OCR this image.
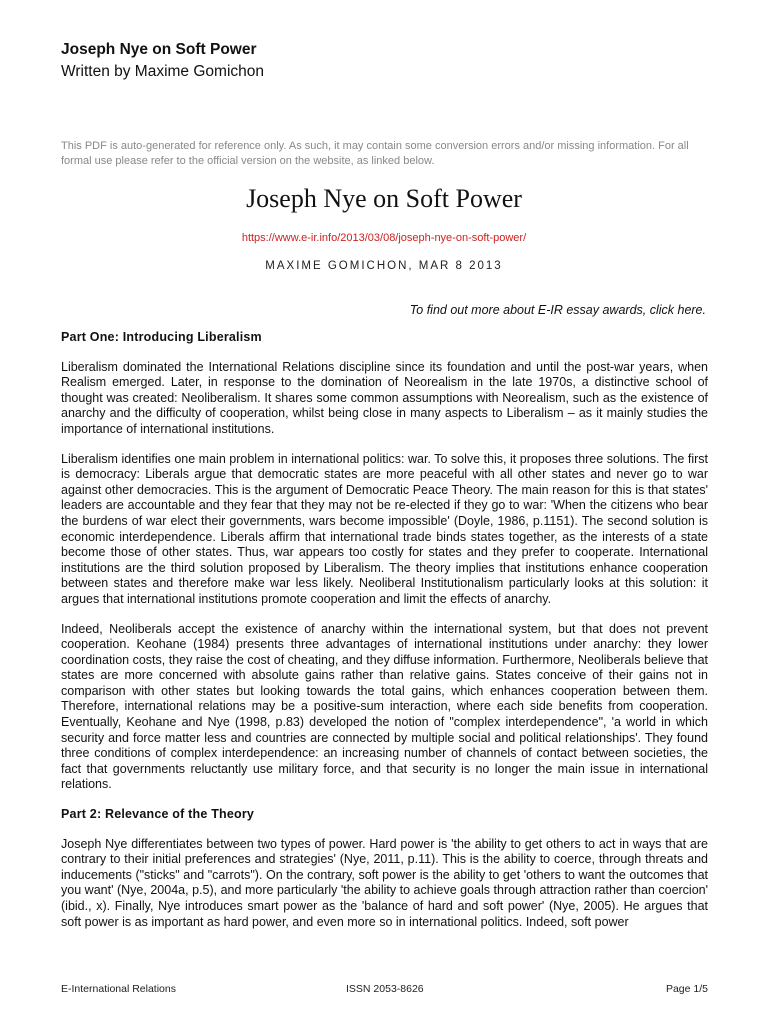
Joseph Nye on Soft Power
Written by Maxime Gomichon
This PDF is auto-generated for reference only. As such, it may contain some conversion errors and/or missing information. For all formal use please refer to the official version on the website, as linked below.
Joseph Nye on Soft Power
https://www.e-ir.info/2013/03/08/joseph-nye-on-soft-power/
MAXIME GOMICHON, MAR 8 2013
To find out more about E-IR essay awards, click here.
Part One: Introducing Liberalism

Liberalism dominated the International Relations discipline since its foundation and until the post-war years, when Realism emerged. Later, in response to the domination of Neorealism in the late 1970s, a distinctive school of thought was created: Neoliberalism. It shares some common assumptions with Neorealism, such as the existence of anarchy and the difficulty of cooperation, whilst being close in many aspects to Liberalism – as it mainly studies the importance of international institutions.

Liberalism identifies one main problem in international politics: war. To solve this, it proposes three solutions. The first is democracy: Liberals argue that democratic states are more peaceful with all other states and never go to war against other democracies. This is the argument of Democratic Peace Theory. The main reason for this is that states' leaders are accountable and they fear that they may not be re-elected if they go to war: 'When the citizens who bear the burdens of war elect their governments, wars become impossible' (Doyle, 1986, p.1151). The second solution is economic interdependence. Liberals affirm that international trade binds states together, as the interests of a state become those of other states. Thus, war appears too costly for states and they prefer to cooperate. International institutions are the third solution proposed by Liberalism. The theory implies that institutions enhance cooperation between states and therefore make war less likely. Neoliberal Institutionalism particularly looks at this solution: it argues that international institutions promote cooperation and limit the effects of anarchy.

Indeed, Neoliberals accept the existence of anarchy within the international system, but that does not prevent cooperation. Keohane (1984) presents three advantages of international institutions under anarchy: they lower coordination costs, they raise the cost of cheating, and they diffuse information. Furthermore, Neoliberals believe that states are more concerned with absolute gains rather than relative gains. States conceive of their gains not in comparison with other states but looking towards the total gains, which enhances cooperation between them. Therefore, international relations may be a positive-sum interaction, where each side benefits from cooperation. Eventually, Keohane and Nye (1998, p.83) developed the notion of "complex interdependence", 'a world in which security and force matter less and countries are connected by multiple social and political relationships'. They found three conditions of complex interdependence: an increasing number of channels of contact between societies, the fact that governments reluctantly use military force, and that security is no longer the main issue in international relations.

Part 2: Relevance of the Theory

Joseph Nye differentiates between two types of power. Hard power is 'the ability to get others to act in ways that are contrary to their initial preferences and strategies' (Nye, 2011, p.11). This is the ability to coerce, through threats and inducements ("sticks" and "carrots"). On the contrary, soft power is the ability to get 'others to want the outcomes that you want' (Nye, 2004a, p.5), and more particularly 'the ability to achieve goals through attraction rather than coercion' (ibid., x). Finally, Nye introduces smart power as the 'balance of hard and soft power' (Nye, 2005). He argues that soft power is as important as hard power, and even more so in international politics. Indeed, soft power

E-International Relations	ISSN 2053-8626	Page 1/5
